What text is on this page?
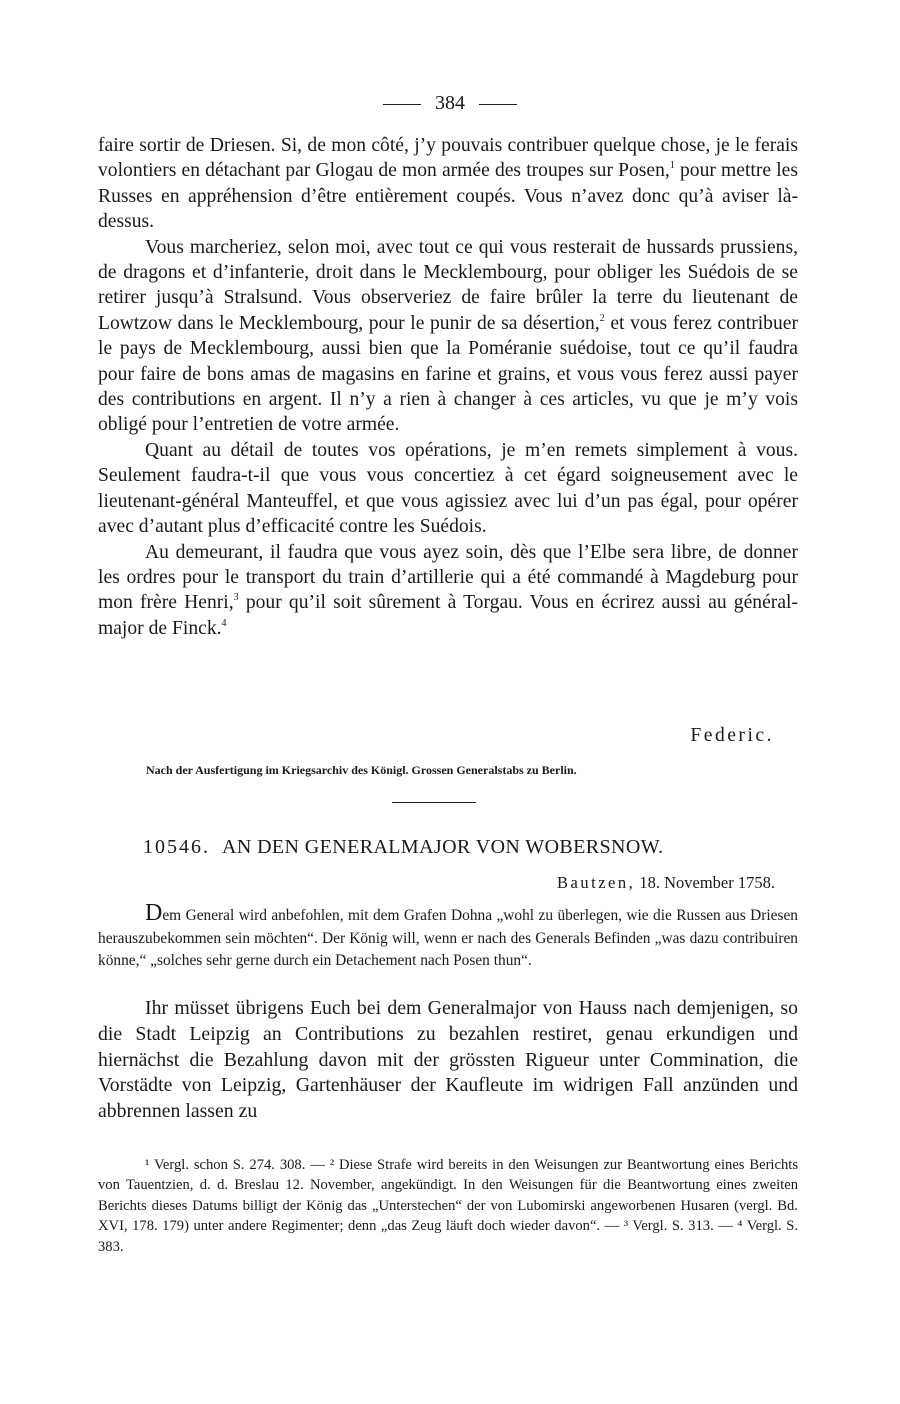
384

faire sortir de Driesen. Si, de mon côté, j’y pouvais contribuer quelque chose, je le ferais volontiers en détachant par Glogau de mon armée des troupes sur Posen,$^1$ pour mettre les Russes en appréhension d’être entièrement coupés. Vous n’avez donc qu’à aviser là-dessus.

Vous marcheriez, selon moi, avec tout ce qui vous resterait de hussards prussiens, de dragons et d’infanterie, droit dans le Mecklembourg, pour obliger les Suédois de se retirer jusqu’à Stralsund. Vous observeriez de faire brûler la terre du lieutenant de Lowtzow dans le Mecklembourg, pour le punir de sa désertion,$^2$ et vous ferez contribuer le pays de Mecklembourg, aussi bien que la Poméranie suédoise, tout ce qu’il faudra pour faire de bons amas de magasins en farine et grains, et vous vous ferez aussi payer des contributions en argent. Il n’y a rien à changer à ces articles, vu que je m’y vois obligé pour l’entretien de votre armée.

Quant au détail de toutes vos opérations, je m’en remets simplement à vous. Seulement faudra-t-il que vous vous concertiez à cet égard soigneusement avec le lieutenant-général Manteuffel, et que vous agissiez avec lui d’un pas égal, pour opérer avec d’autant plus d’efficacité contre les Suédois.

Au demeurant, il faudra que vous ayez soin, dès que l’Elbe sera libre, de donner les ordres pour le transport du train d’artillerie qui a été commandé à Magdeburg pour mon frère Henri,$^3$ pour qu’il soit sûrement à Torgau. Vous en écrirez aussi au général-major de Finck.$^4$

Federic.
Nach der Ausfertigung im Kriegsarchiv des Königl. Grossen Generalstabs zu Berlin.
10546. AN DEN GENERALMAJOR VON WOBERSNOW.
Bautzen, 18. November 1758.

Dem General wird anbefohlen, mit dem Grafen Dohna „wohl zu überlegen, wie die Russen aus Driesen herauszubekommen sein möchten“. Der König will, wenn er nach des Generals Befinden „was dazu contribuiren könne,“ „solches sehr gerne durch ein Detachement nach Posen thun“.

Ihr müsset übrigens Euch bei dem Generalmajor von Hauss nach demjenigen, so die Stadt Leipzig an Contributions zu bezahlen restiret, genau erkundigen und hiernächst die Bezahlung davon mit der grössten Rigueur unter Commination, die Vorstädte von Leipzig, Gartenhäuser der Kaufleute im widrigen Fall anzünden und abbrennen lassen zu

¹ Vergl. schon S. 274. 308. — ² Diese Strafe wird bereits in den Weisungen zur Beantwortung eines Berichts von Tauentzien, d. d. Breslau 12. November, angekündigt. In den Weisungen für die Beantwortung eines zweiten Berichts dieses Datums billigt der König das „Unterstechen“ der von Lubomirski angeworbenen Husaren (vergl. Bd. XVI, 178. 179) unter andere Regimenter; denn „das Zeug läuft doch wieder davon“. — ³ Vergl. S. 313. — ⁴ Vergl. S. 383.
